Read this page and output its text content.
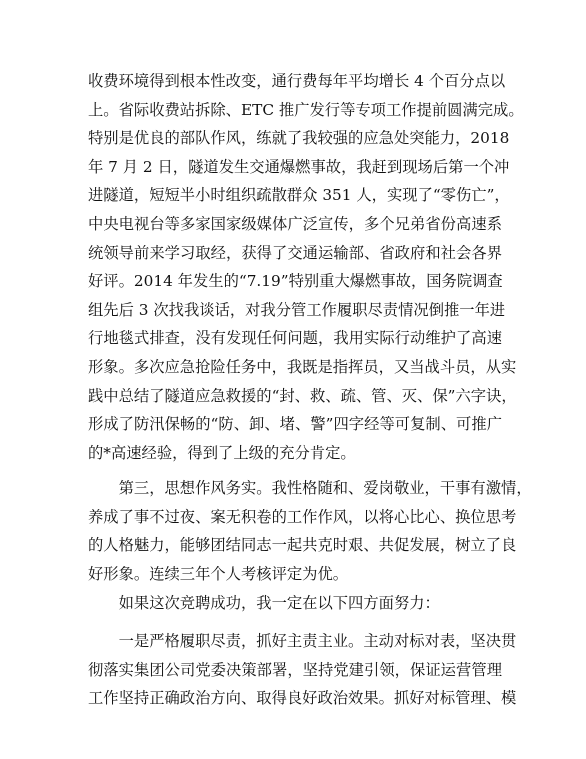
收费环境得到根本性改变，通行费每年平均增长 4 个百分点以
上。省际收费站拆除、ETC 推广发行等专项工作提前圆满完成。
特别是优良的部队作风，练就了我较强的应急处突能力，2018
年 7 月 2 日，隧道发生交通爆燃事故，我赶到现场后第一个冲
进隧道，短短半小时组织疏散群众 351 人，实现了“零伤亡”，
中央电视台等多家国家级媒体广泛宣传，多个兄弟省份高速系
统领导前来学习取经，获得了交通运输部、省政府和社会各界
好评。2014 年发生的“7.19”特别重大爆燃事故，国务院调查
组先后 3 次找我谈话，对我分管工作履职尽责情况倒推一年进
行地毯式排查，没有发现任何问题，我用实际行动维护了高速
形象。多次应急抢险任务中，我既是指挥员，又当战斗员，从实
践中总结了隧道应急救援的“封、救、疏、管、灭、保”六字诀，
形成了防汛保畅的“防、卸、堵、警”四字经等可复制、可推广
的*高速经验，得到了上级的充分肯定。
　　第三，思想作风务实。我性格随和、爱岗敬业，干事有激情，
养成了事不过夜、案无积卷的工作作风，以将心比心、换位思考
的人格魅力，能够团结同志一起共克时艰、共促发展，树立了良
好形象。连续三年个人考核评定为优。
　　如果这次竞聘成功，我一定在以下四方面努力：
　　一是严格履职尽责，抓好主责主业。主动对标对表，坚决贯
彻落实集团公司党委决策部署，坚持党建引领，保证运营管理
工作坚持正确政治方向、取得良好政治效果。抓好对标管理、模
